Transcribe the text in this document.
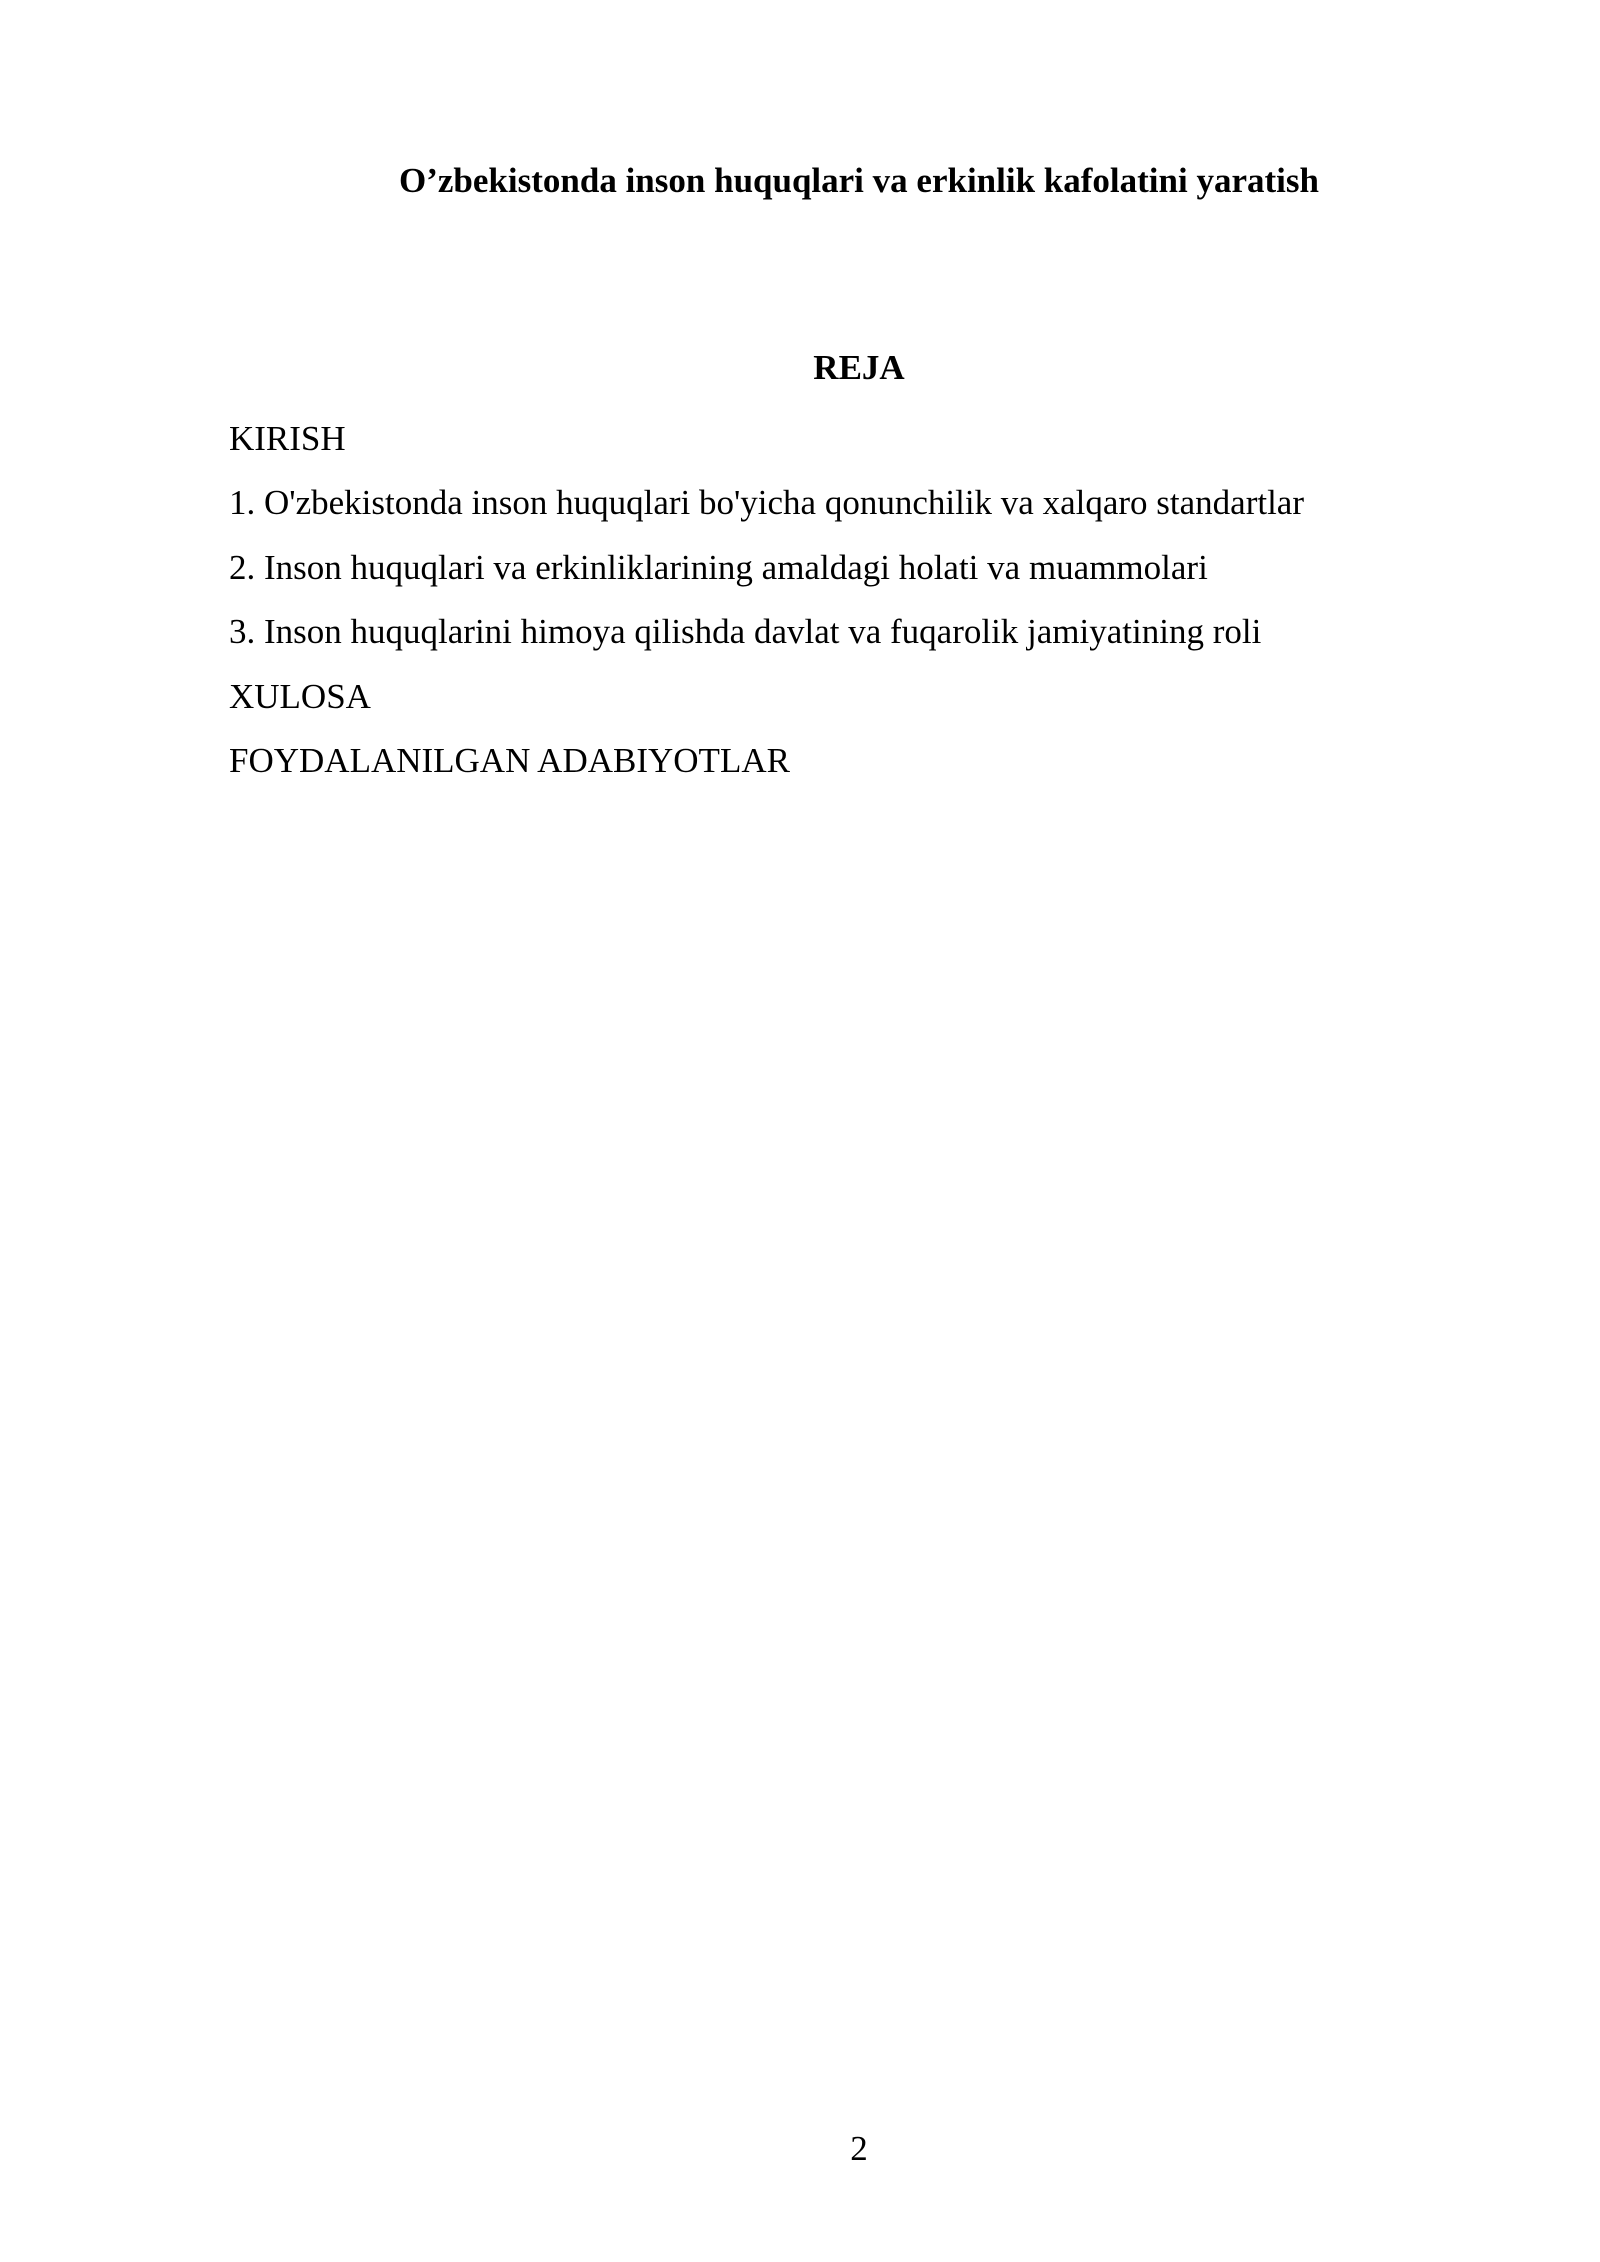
O’zbekistonda inson huquqlari va erkinlik kafolatini yaratish
REJA
KIRISH
1. O'zbekistonda inson huquqlari bo'yicha qonunchilik va xalqaro standartlar
2. Inson huquqlari va erkinliklarining amaldagi holati va muammolari
3. Inson huquqlarini himoya qilishda davlat va fuqarolik jamiyatining roli
XULOSA
FOYDALANILGAN ADABIYOTLAR
2
